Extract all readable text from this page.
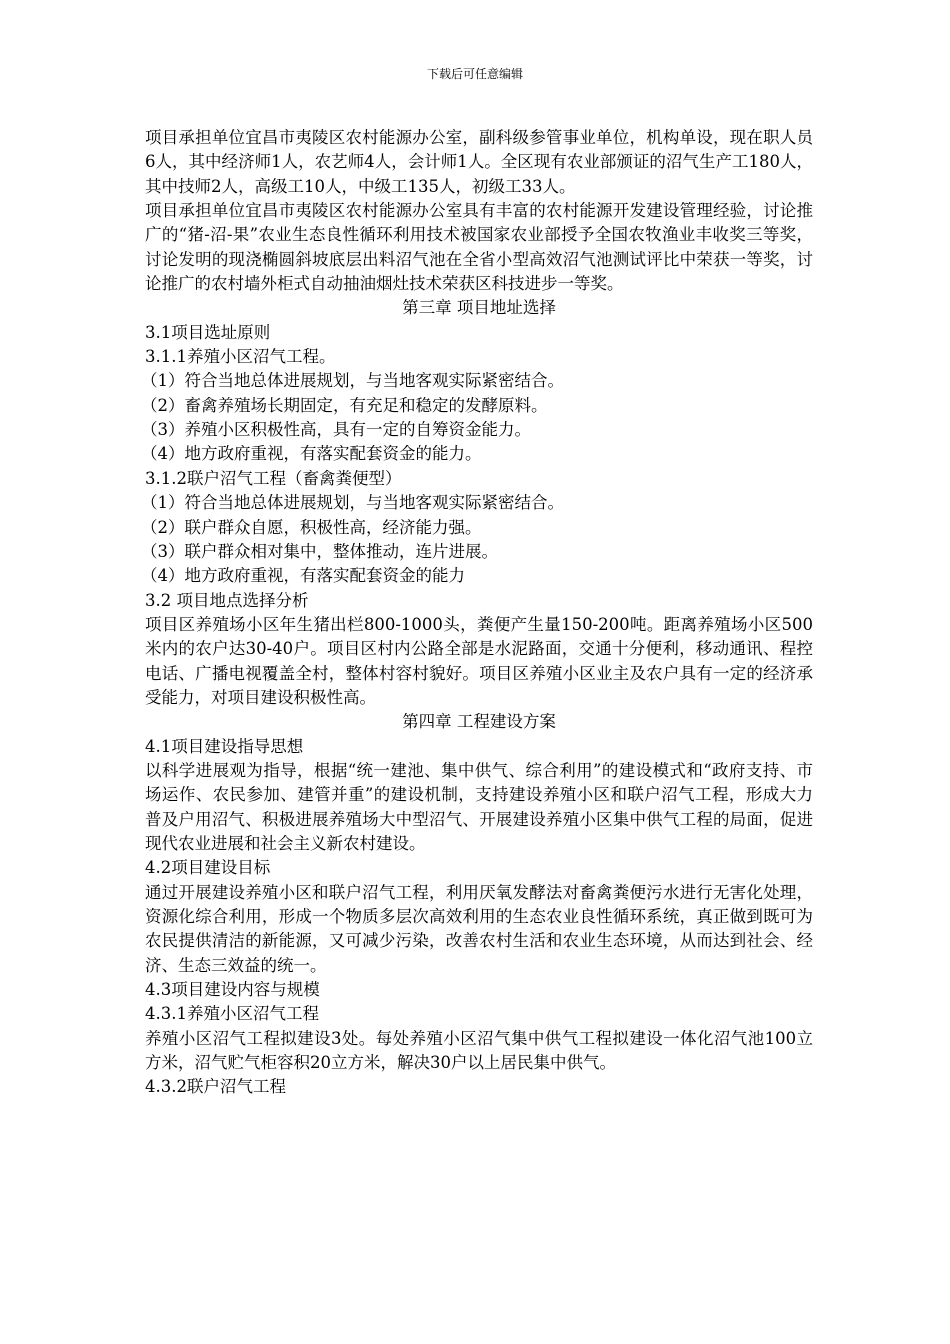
下载后可任意编辑

项目承担单位宜昌市夷陵区农村能源办公室，副科级参管事业单位，机构单设，现在职人员6人，其中经济师1人，农艺师4人，会计师1人。全区现有农业部颁证的沼气生产工180人，其中技师2人，高级工10人，中级工135人，初级工33人。

项目承担单位宜昌市夷陵区农村能源办公室具有丰富的农村能源开发建设管理经验，讨论推广的“猪-沼-果”农业生态良性循环利用技术被国家农业部授予全国农牧渔业丰收奖三等奖，讨论发明的现浇椭圆斜坡底层出料沼气池在全省小型高效沼气池测试评比中荣获一等奖，讨论推广的农村墙外柜式自动抽油烟灶技术荣获区科技进步一等奖。

第三章 项目地址选择

3.1项目选址原则

3.1.1养殖小区沼气工程。

（1）符合当地总体进展规划，与当地客观实际紧密结合。

（2）畜禽养殖场长期固定，有充足和稳定的发酵原料。

（3）养殖小区积极性高，具有一定的自筹资金能力。

（4）地方政府重视，有落实配套资金的能力。

3.1.2联户沼气工程（畜禽粪便型）

（1）符合当地总体进展规划，与当地客观实际紧密结合。

（2）联户群众自愿，积极性高，经济能力强。

（3）联户群众相对集中，整体推动，连片进展。

（4）地方政府重视，有落实配套资金的能力

3.2 项目地点选择分析

项目区养殖场小区年生猪出栏800-1000头，粪便产生量150-200吨。距离养殖场小区500米内的农户达30-40户。项目区村内公路全部是水泥路面，交通十分便利，移动通讯、程控电话、广播电视覆盖全村，整体村容村貌好。项目区养殖小区业主及农户具有一定的经济承受能力，对项目建设积极性高。

第四章 工程建设方案

4.1项目建设指导思想

以科学进展观为指导，根据“统一建池、集中供气、综合利用”的建设模式和“政府支持、市场运作、农民参加、建管并重”的建设机制，支持建设养殖小区和联户沼气工程，形成大力普及户用沼气、积极进展养殖场大中型沼气、开展建设养殖小区集中供气工程的局面，促进现代农业进展和社会主义新农村建设。

4.2项目建设目标

通过开展建设养殖小区和联户沼气工程，利用厌氧发酵法对畜禽粪便污水进行无害化处理，资源化综合利用，形成一个物质多层次高效利用的生态农业良性循环系统，真正做到既可为农民提供清洁的新能源，又可减少污染，改善农村生活和农业生态环境，从而达到社会、经济、生态三效益的统一。

4.3项目建设内容与规模

4.3.1养殖小区沼气工程

养殖小区沼气工程拟建设3处。每处养殖小区沼气集中供气工程拟建设一体化沼气池100立方米，沼气贮气柜容积20立方米，解决30户以上居民集中供气。

4.3.2联户沼气工程
